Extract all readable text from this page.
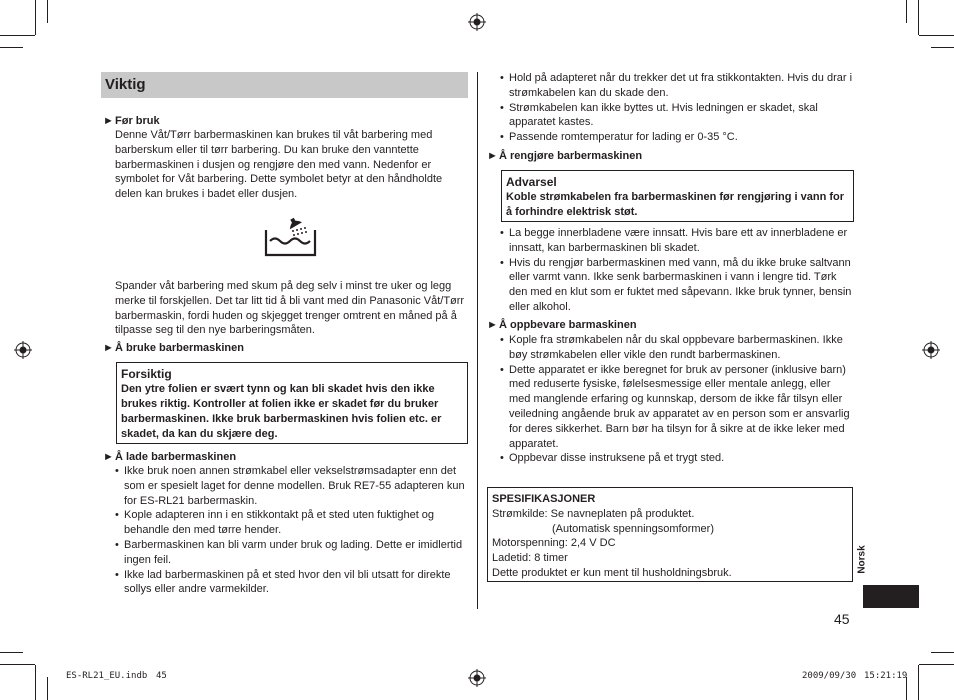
Viktig
►Før bruk
Denne Våt/Tørr barbermaskinen kan brukes til våt barbering med barberskum eller til tørr barbering. Du kan bruke den vanntette barbermaskinen i dusjen og rengjøre den med vann. Nedenfor er symbolet for Våt barbering. Dette symbolet betyr at den håndholdte delen kan brukes i badet eller dusjen.
Spander våt barbering med skum på deg selv i minst tre uker og legg merke til forskjellen. Det tar litt tid å bli vant med din Panasonic Våt/Tørr barbermaskin, fordi huden og skjegget trenger omtrent en måned på å tilpasse seg til den nye barberingsmåten.
►Å bruke barbermaskinen
Forsiktig
Den ytre folien er svært tynn og kan bli skadet hvis den ikke brukes riktig. Kontroller at folien ikke er skadet før du bruker barbermaskinen. Ikke bruk barbermaskinen hvis folien etc. er skadet, da kan du skjære deg.
►Å lade barbermaskinen
• Ikke bruk noen annen strømkabel eller vekselstrømsadapter enn det som er spesielt laget for denne modellen. Bruk RE7-55 adapteren kun for ES-RL21 barbermaskin.
• Kople adapteren inn i en stikkontakt på et sted uten fuktighet og behandle den med tørre hender.
• Barbermaskinen kan bli varm under bruk og lading. Dette er imidlertid ingen feil.
• Ikke lad barbermaskinen på et sted hvor den vil bli utsatt for direkte sollys eller andre varmekilder.
• Hold på adapteret når du trekker det ut fra stikkontakten. Hvis du drar i strømkabelen kan du skade den.
• Strømkabelen kan ikke byttes ut. Hvis ledningen er skadet, skal apparatet kastes.
• Passende romtemperatur for lading er 0-35 °C.
►Å rengjøre barbermaskinen
Advarsel
Koble strømkabelen fra barbermaskinen før rengjøring i vann for å forhindre elektrisk støt.
• La begge innerbladene være innsatt. Hvis bare ett av innerbladene er innsatt, kan barbermaskinen bli skadet.
• Hvis du rengjør barbermaskinen med vann, må du ikke bruke saltvann eller varmt vann. Ikke senk barbermaskinen i vann i lengre tid. Tørk den med en klut som er fuktet med såpevann. Ikke bruk tynner, bensin eller alkohol.
►Å oppbevare barmaskinen
• Kople fra strømkabelen når du skal oppbevare barbermaskinen. Ikke bøy strømkabelen eller vikle den rundt barbermaskinen.
• Dette apparatet er ikke beregnet for bruk av personer (inklusive barn) med reduserte fysiske, følelsesmessige eller mentale anlegg, eller med manglende erfaring og kunnskap, dersom de ikke får tilsyn eller veiledning angående bruk av apparatet av en person som er ansvarlig for deres sikkerhet. Barn bør ha tilsyn for å sikre at de ikke leker med apparatet.
• Oppbevar disse instruksene på et trygt sted.
SPESIFIKASJONER
Strømkilde: Se navneplaten på produktet.
(Automatisk spenningsomformer)
Motorspenning: 2,4 V DC
Ladetid: 8 timer
Dette produktet er kun ment til husholdningsbruk.	Norsk
45
ES-RL21_EU.indb 45	2009/09/30 15:21:19
